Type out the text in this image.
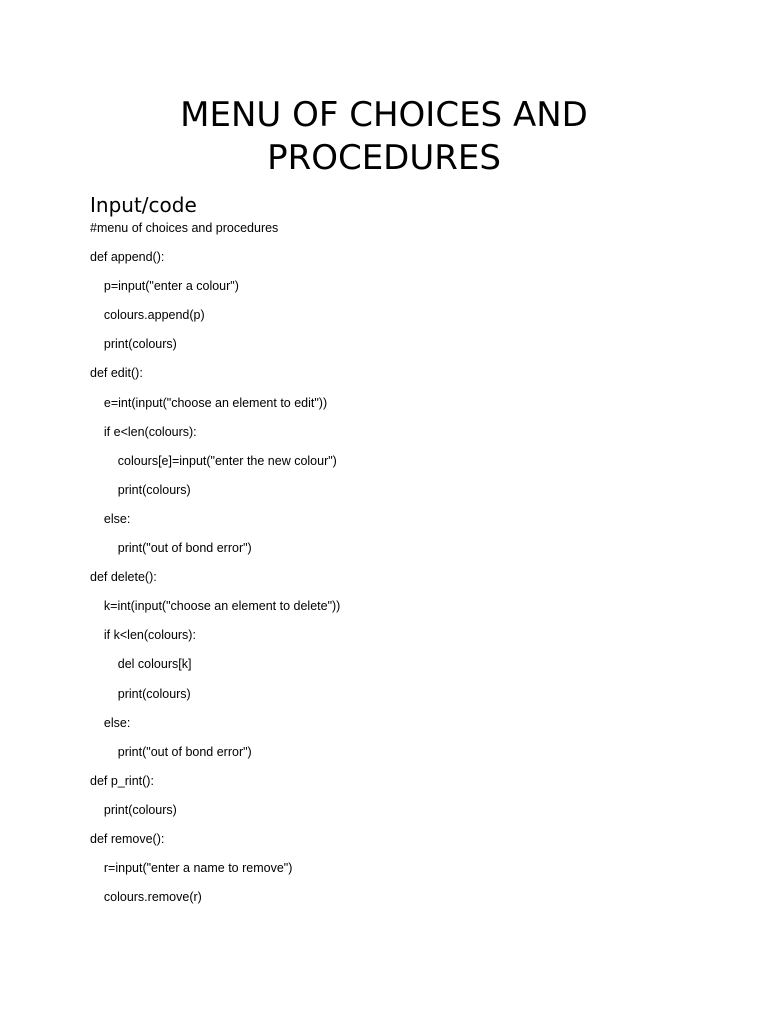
MENU OF CHOICES AND
PROCEDURES
Input/code
#menu of choices and procedures
def append():
p=input("enter a colour")
colours.append(p)
print(colours)
def edit():
e=int(input("choose an element to edit"))
if e<len(colours):
colours[e]=input("enter the new colour")
print(colours)
else:
print("out of bond error")
def delete():
k=int(input("choose an element to delete"))
if k<len(colours):
del colours[k]
print(colours)
else:
print("out of bond error")
def p_rint():
print(colours)
def remove():
r=input("enter a name to remove")
colours.remove(r)
